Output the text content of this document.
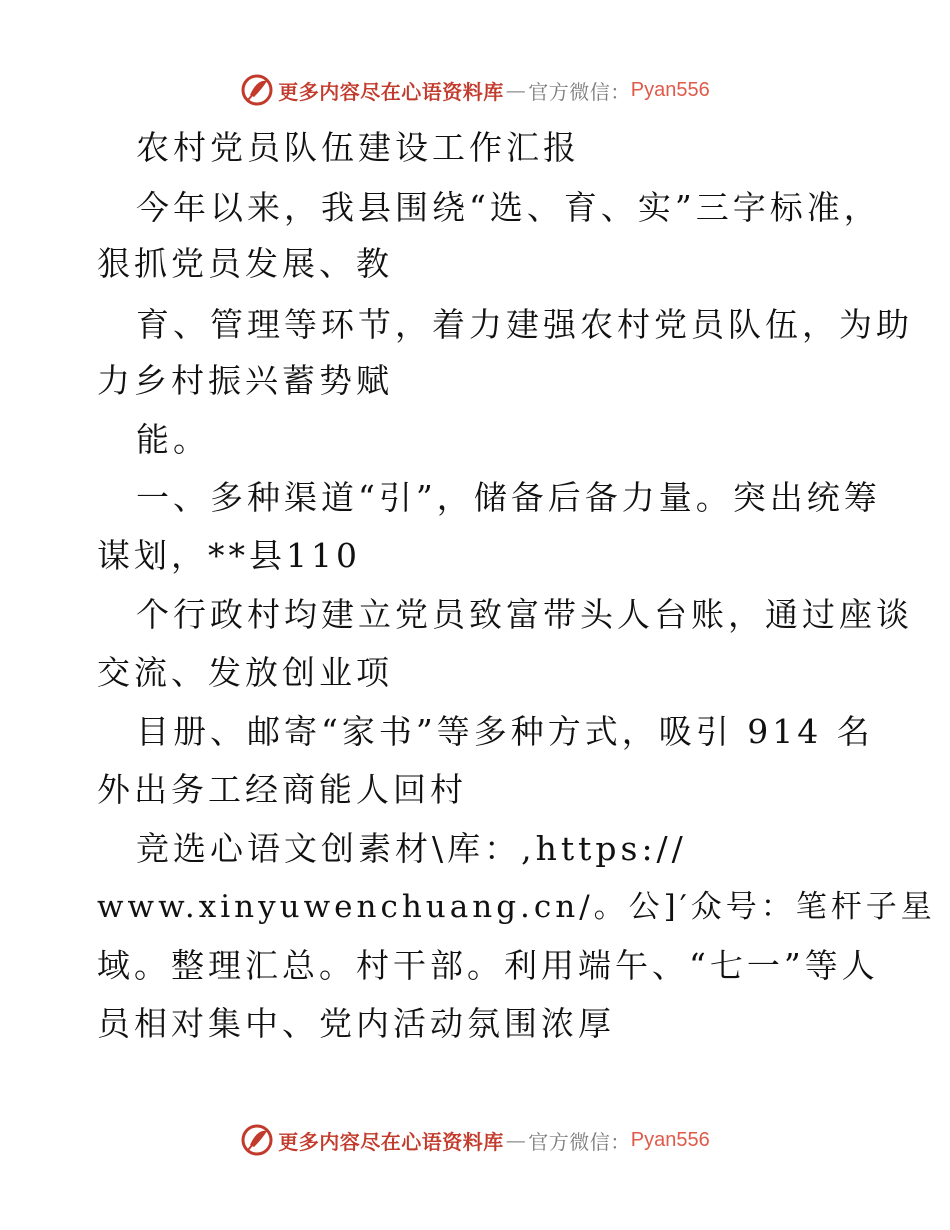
更多内容尽在心语资料库 — 官方微信： Pyan556
农村党员队伍建设工作汇报
今年以来，我县围绕“选、育、实”三字标准，
狠抓党员发展、教
育、管理等环节，着力建强农村党员队伍，为助
力乡村振兴蓄势赋
能。
一、多种渠道“引”，储备后备力量。突出统筹
谋划，**县110
个行政村均建立党员致富带头人台账，通过座谈
交流、发放创业项
目册、邮寄“家书”等多种方式，吸引 914 名
外出务工经商能人回村
竞选心语文创素材\库：,https://
www.xinyuwenchuang.cn/。公]′众号：笔杆子星
域。整理汇总。村干部。利用端午、“七一”等人
员相对集中、党内活动氛围浓厚
更多内容尽在心语资料库 — 官方微信： Pyan556
